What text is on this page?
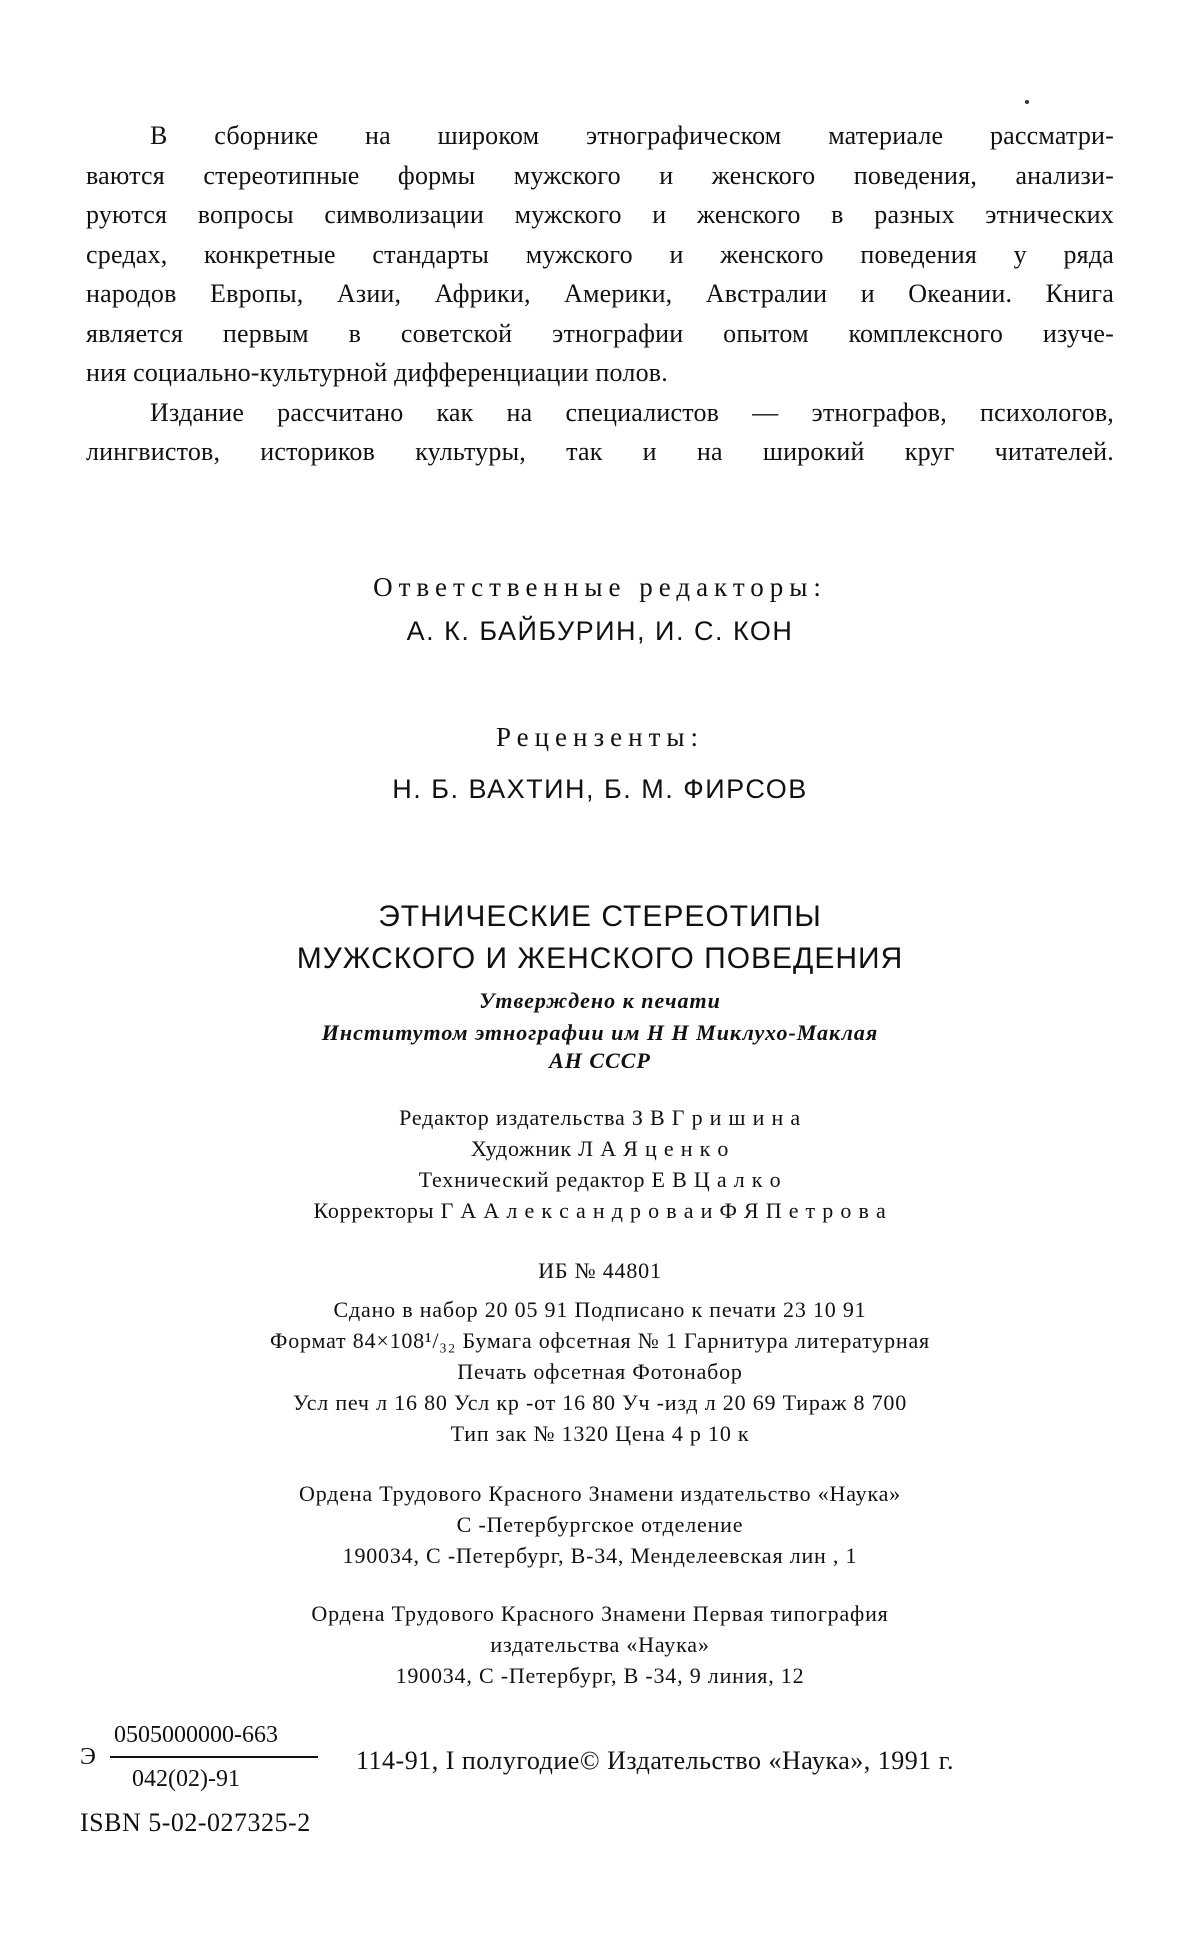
В сборнике на широком этнографическом материале рассматри-
ваются стереотипные формы мужского и женского поведения, анализи-
руются вопросы символизации мужского и женского в разных этнических
средах, конкретные стандарты мужского и женского поведения у ряда
народов Европы, Азии, Африки, Америки, Австралии и Океании. Книга
является первым в советской этнографии опытом комплексного изуче-
ния социально-культурной дифференциации полов.
Издание рассчитано как на специалистов — этнографов, психологов,
лингвистов, историков культуры, так и на широкий круг читателей.
Ответственные редакторы:
А. К. БАЙБУРИН, И. С. КОН
Рецензенты:
Н. Б. ВАХТИН, Б. М. ФИРСОВ
ЭТНИЧЕСКИЕ СТЕРЕОТИПЫ
МУЖСКОГО И ЖЕНСКОГО ПОВЕДЕНИЯ
Утверждено к печати
Институтом этнографии им Н Н Миклухо-Маклая
АН СССР
Редактор издательства З В Г р и ш и н а
Художник Л А Я ц е н к о
Технический редактор Е В Ц а л к о
Корректоры Г А А л е к с а н д р о в а и Ф Я П е т р о в а
ИБ № 44801
Сдано в набор 20 05 91 Подписано к печати 23 10 91
Формат 84×108¹/₃₂ Бумага офсетная № 1 Гарнитура литературная
Печать офсетная Фотонабор
Усл печ л 16 80 Усл кр -от 16 80 Уч -изд л 20 69 Тираж 8 700
Тип зак № 1320 Цена 4 р 10 к
Ордена Трудового Красного Знамени издательство «Наука»
С -Петербургское отделение
190034, С -Петербург, В-34, Менделеевская лин , 1
Ордена Трудового Красного Знамени Первая типография
издательства «Наука»
190034, С -Петербург, В -34, 9 линия, 12
Э
0505000000-663
042(02)-91
114-91, I полугодие© Издательство «Наука», 1991 г.
ISBN 5-02-027325-2
